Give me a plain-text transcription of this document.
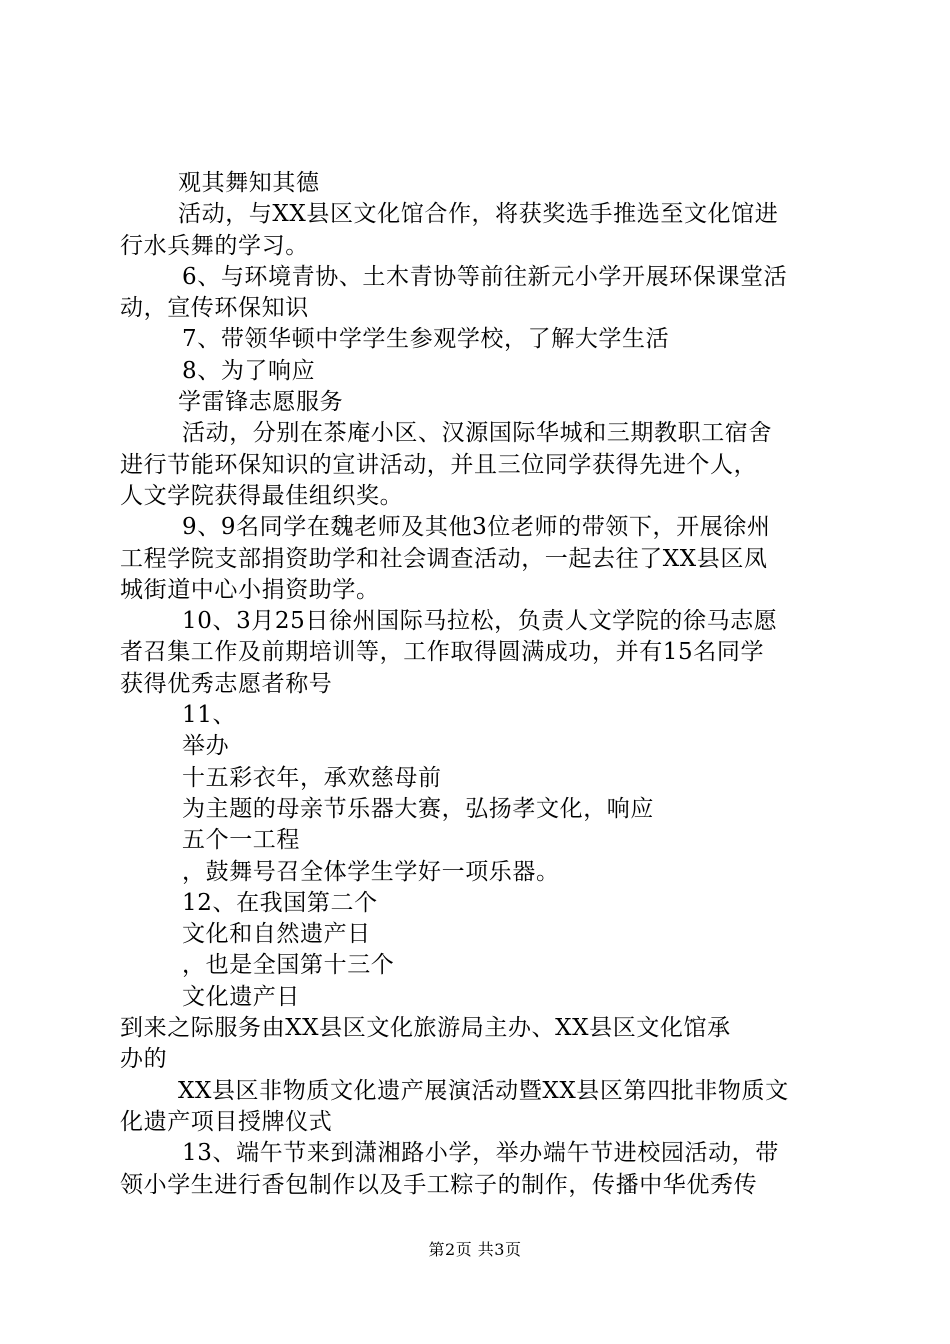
观其舞知其德
活动，与XX县区文化馆合作，将获奖选手推选至文化馆进
行水兵舞的学习。
6、与环境青协、土木青协等前往新元小学开展环保课堂活
动，宣传环保知识
7、带领华顿中学学生参观学校，了解大学生活
8、为了响应
学雷锋志愿服务
活动，分别在茶庵小区、汉源国际华城和三期教职工宿舍
进行节能环保知识的宣讲活动，并且三位同学获得先进个人，
人文学院获得最佳组织奖。
9、9名同学在魏老师及其他3位老师的带领下，开展徐州
工程学院支部捐资助学和社会调查活动，一起去往了XX县区凤
城街道中心小捐资助学。
10、3月25日徐州国际马拉松，负责人文学院的徐马志愿
者召集工作及前期培训等，工作取得圆满成功，并有15名同学
获得优秀志愿者称号
11、
举办
十五彩衣年，承欢慈母前
为主题的母亲节乐器大赛，弘扬孝文化，响应
五个一工程
，鼓舞号召全体学生学好一项乐器。
12、在我国第二个
文化和自然遗产日
，也是全国第十三个
文化遗产日
到来之际服务由XX县区文化旅游局主办、XX县区文化馆承
办的
XX县区非物质文化遗产展演活动暨XX县区第四批非物质文
化遗产项目授牌仪式
13、端午节来到潇湘路小学，举办端午节进校园活动，带
领小学生进行香包制作以及手工粽子的制作，传播中华优秀传
第2页 共3页
